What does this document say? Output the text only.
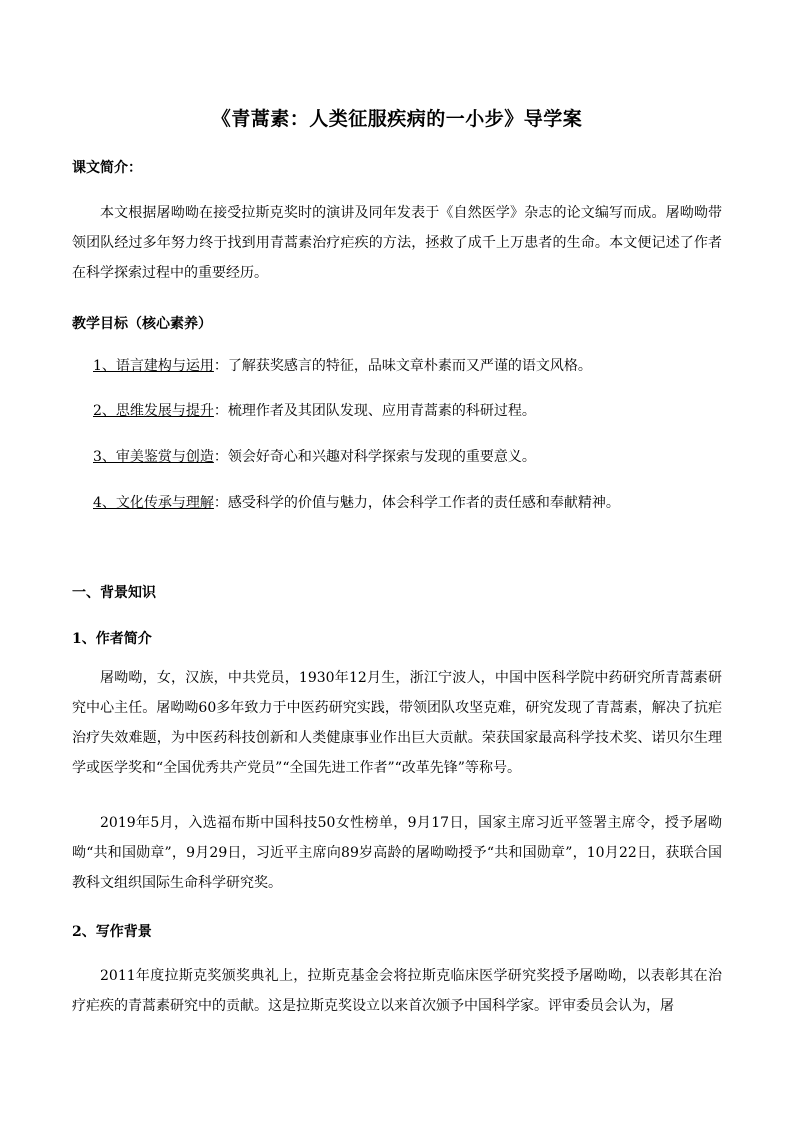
《青蒿素：人类征服疾病的一小步》导学案
课文简介：
本文根据屠呦呦在接受拉斯克奖时的演讲及同年发表于《自然医学》杂志的论文编写而成。屠呦呦带领团队经过多年努力终于找到用青蒿素治疗疟疾的方法，拯救了成千上万患者的生命。本文便记述了作者在科学探索过程中的重要经历。
教学目标（核心素养）
1、语言建构与运用：了解获奖感言的特征，品味文章朴素而又严谨的语文风格。
2、思维发展与提升：梳理作者及其团队发现、应用青蒿素的科研过程。
3、审美鉴赏与创造：领会好奇心和兴趣对科学探索与发现的重要意义。
4、文化传承与理解：感受科学的价值与魅力，体会科学工作者的责任感和奉献精神。
一、背景知识
1、作者简介
屠呦呦，女，汉族，中共党员，1930年12月生，浙江宁波人，中国中医科学院中药研究所青蒿素研究中心主任。屠呦呦60多年致力于中医药研究实践，带领团队攻坚克难，研究发现了青蒿素，解决了抗疟治疗失效难题，为中医药科技创新和人类健康事业作出巨大贡献。荣获国家最高科学技术奖、诺贝尔生理学或医学奖和“全国优秀共产党员”“全国先进工作者”“改革先锋”等称号。
2019年5月，入选福布斯中国科技50女性榜单，9月17日，国家主席习近平签署主席令，授予屠呦呦“共和国勋章”，9月29日，习近平主席向89岁高龄的屠呦呦授予“共和国勋章”，10月22日，获联合国教科文组织国际生命科学研究奖。
2、写作背景
2011年度拉斯克奖颁奖典礼上，拉斯克基金会将拉斯克临床医学研究奖授予屠呦呦，以表彰其在治疗疟疾的青蒿素研究中的贡献。这是拉斯克奖设立以来首次颁予中国科学家。评审委员会认为，屠
